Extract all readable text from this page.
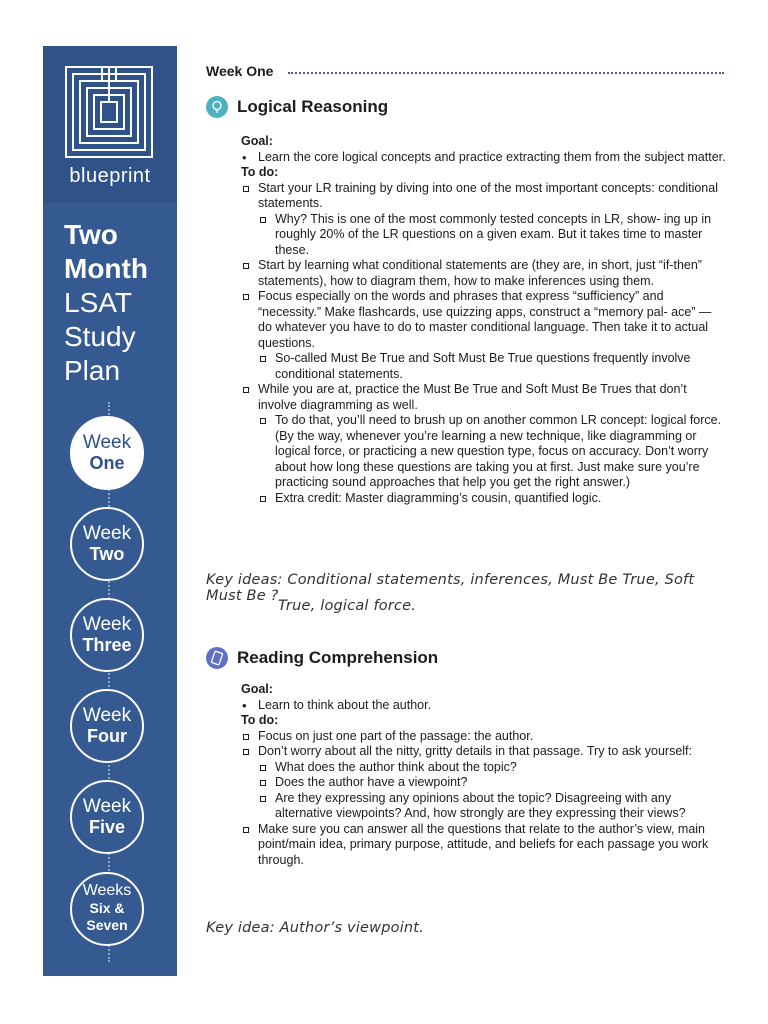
blueprint
Two
Month
LSAT
Study
Plan
Week
One
Week
Two
Week
Three
Week
Four
Week
Five
Weeks
Six &
Seven
Week One
Logical Reasoning
Goal:
• Learn the core logical concepts and practice extracting them from the subject matter.
To do:
Start your LR training by diving into one of the most important concepts: conditional statements.
Why? This is one of the most commonly tested concepts in LR, show- ing up in roughly 20% of the LR questions on a given exam. But it takes time to master these.
Start by learning what conditional statements are (they are, in short, just “if-then” statements), how to diagram them, how to make inferences using them.
Focus especially on the words and phrases that express “sufficiency” and “necessity.” Make flashcards, use quizzing apps, construct a “memory pal- ace” — do whatever you have to do to master conditional language. Then take it to actual questions.
So-called Must Be True and Soft Must Be True questions frequently involve conditional statements.
While you are at, practice the Must Be True and Soft Must Be Trues that don’t involve diagramming as well.
To do that, you’ll need to brush up on another common LR concept: logical force. (By the way, whenever you’re learning a new technique, like diagramming or logical force, or practicing a new question type, focus on accuracy. Don’t worry about how long these questions are taking you at first. Just make sure you’re practicing sound approaches that help you get the right answer.)
Extra credit: Master diagramming’s cousin, quantified logic.
Key ideas: Conditional statements, inferences, Must Be True, Soft Must Be ?
True, logical force.
Reading Comprehension
Goal:
• Learn to think about the author.
To do:
Focus on just one part of the passage: the author.
Don’t worry about all the nitty, gritty details in that passage. Try to ask yourself:
What does the author think about the topic?
Does the author have a viewpoint?
Are they expressing any opinions about the topic? Disagreeing with any alternative viewpoints? And, how strongly are they expressing their views?
Make sure you can answer all the questions that relate to the author’s view, main point/main idea, primary purpose, attitude, and beliefs for each passage you work through.
Key idea: Author’s viewpoint.
